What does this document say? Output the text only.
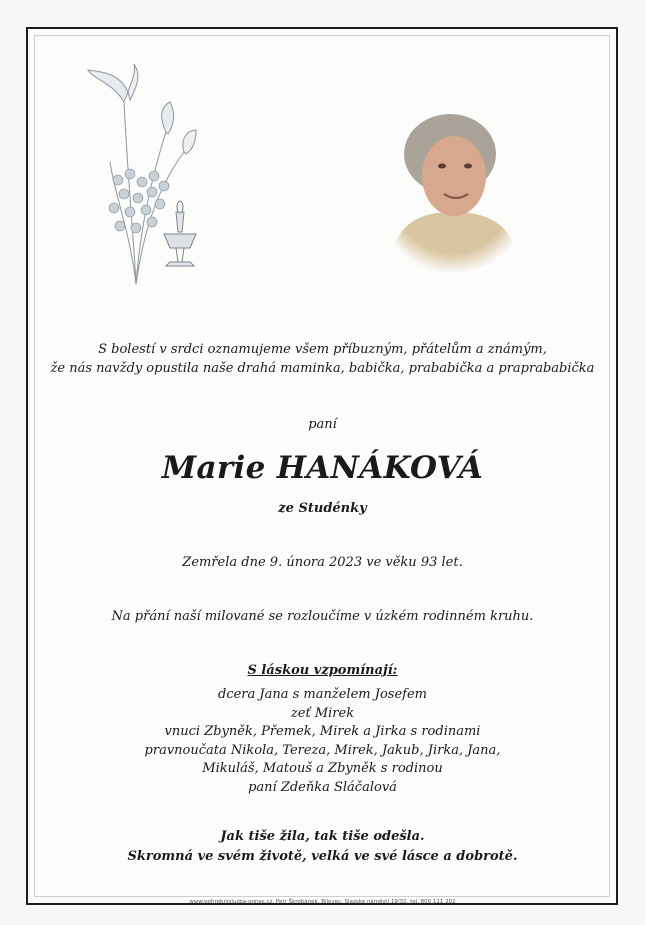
S bolestí v srdci oznamujeme všem příbuzným, přátelům a známým,
že nás navždy opustila naše drahá maminka, babička, prababička a praprababička
paní
Marie HANÁKOVÁ
ze Studénky
Zemřela dne 9. února 2023 ve věku 93 let.
Na přání naší milované se rozloučíme v úzkém rodinném kruhu.
S láskou vzpomínají:
dcera Jana s manželem Josefem
zeť Mirek
vnuci Zbyněk, Přemek, Mirek a Jirka s rodinami
pravnoučata Nikola, Tereza, Mirek, Jakub, Jirka, Jana,
Mikuláš, Matouš a Zbyněk s rodinou
paní Zdeňka Sláčalová
Jak tiše žila, tak tiše odešla.
Skromná ve svém životě, velká ve své lásce a dobrotě.
www.pohrebnisluzba-ognes.cz, Petr Škrobánek, Bílovec, Slezské náměstí 19/32, tel. 800 111 202
